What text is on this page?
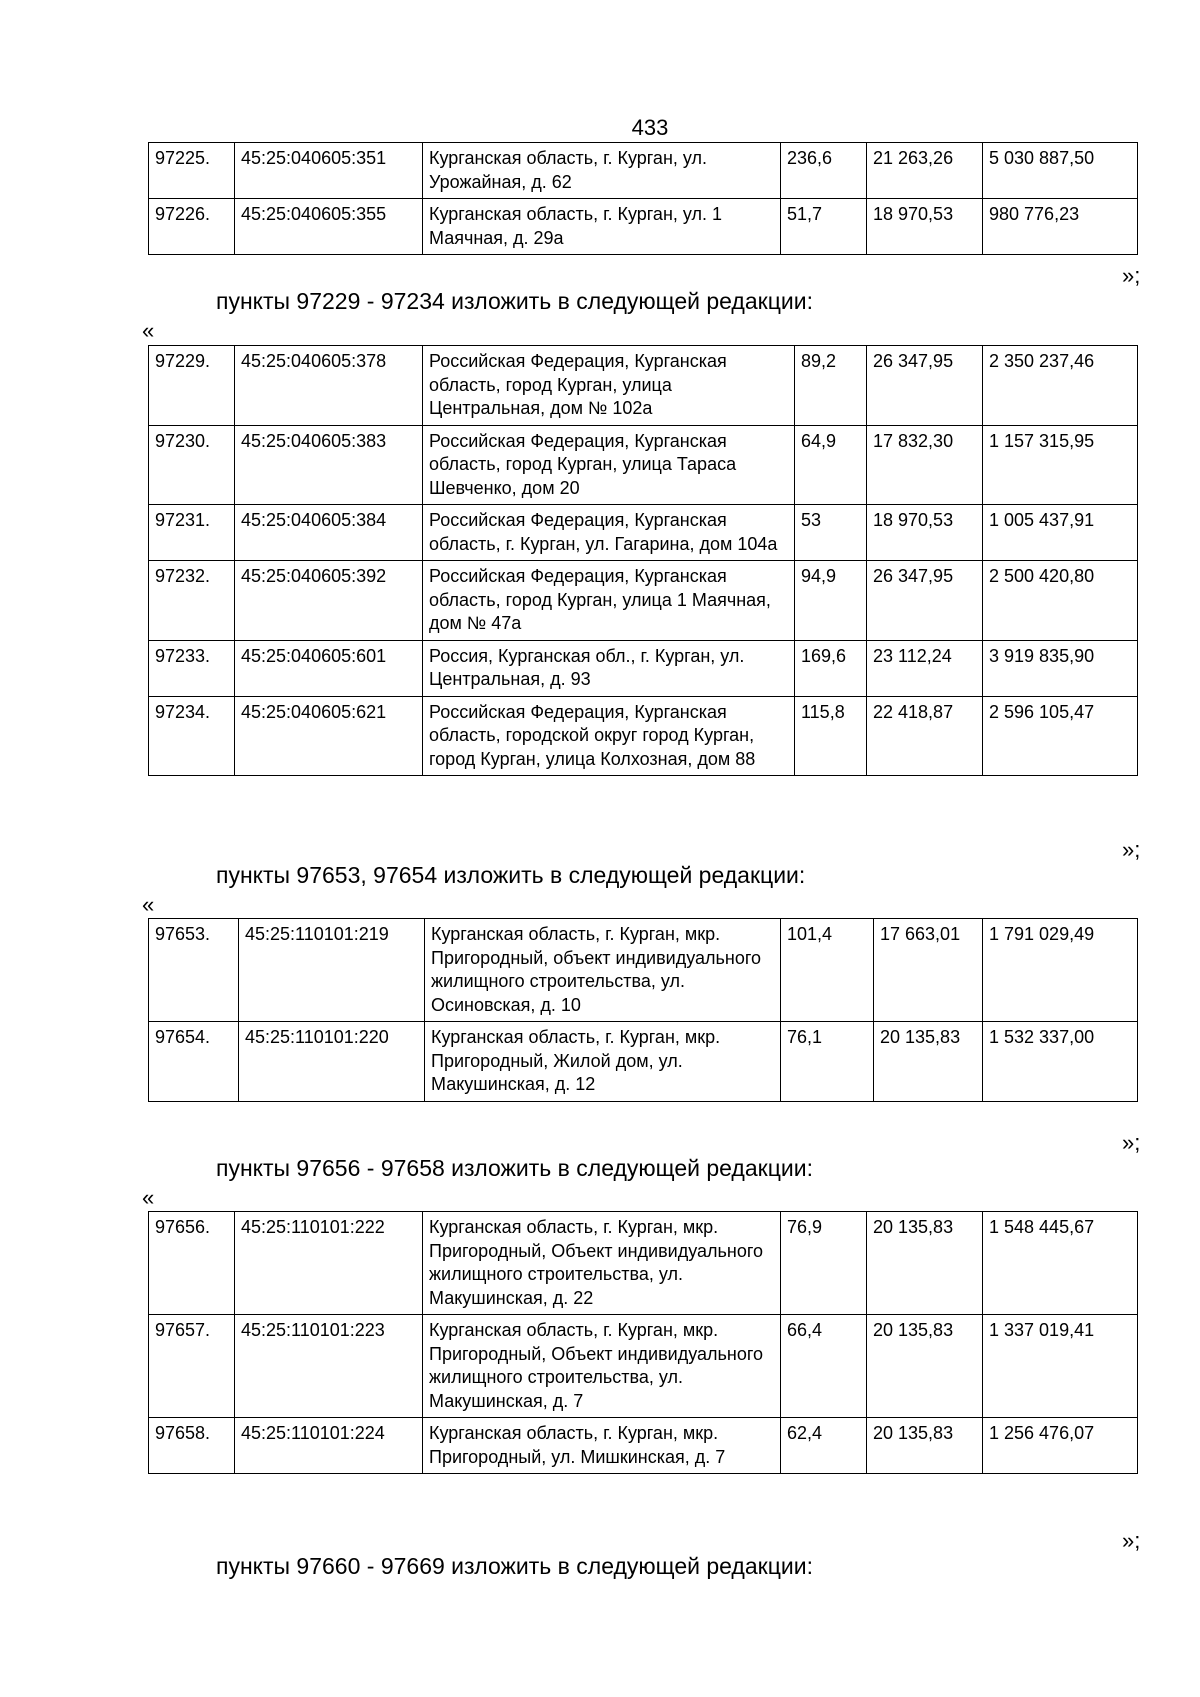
433
97225.	45:25:040605:351	Курганская область, г. Курган, ул. Урожайная, д. 62	236,6	21 263,26	5 030 887,50
97226.	45:25:040605:355	Курганская область, г. Курган, ул. 1 Маячная, д. 29а	51,7	18 970,53	980 776,23
»;
пункты 97229 - 97234 изложить в следующей редакции:
«
97229.	45:25:040605:378	Российская Федерация, Курганская область, город Курган, улица Центральная, дом № 102а	89,2	26 347,95	2 350 237,46
97230.	45:25:040605:383	Российская Федерация, Курганская область, город Курган, улица Тараса Шевченко, дом 20	64,9	17 832,30	1 157 315,95
97231.	45:25:040605:384	Российская Федерация, Курганская область, г. Курган, ул. Гагарина, дом 104а	53	18 970,53	1 005 437,91
97232.	45:25:040605:392	Российская Федерация, Курганская область, город Курган, улица 1 Маячная, дом № 47а	94,9	26 347,95	2 500 420,80
97233.	45:25:040605:601	Россия, Курганская обл., г. Курган, ул. Центральная, д. 93	169,6	23 112,24	3 919 835,90
97234.	45:25:040605:621	Российская Федерация, Курганская область, городской округ город Курган, город Курган, улица Колхозная, дом 88	115,8	22 418,87	2 596 105,47
»;
пункты 97653, 97654 изложить в следующей редакции:
«
97653.	45:25:110101:219	Курганская область, г. Курган, мкр. Пригородный, объект индивидуального жилищного строительства, ул. Осиновская, д. 10	101,4	17 663,01	1 791 029,49
97654.	45:25:110101:220	Курганская область, г. Курган, мкр. Пригородный, Жилой дом, ул. Макушинская, д. 12	76,1	20 135,83	1 532 337,00
»;
пункты 97656 - 97658 изложить в следующей редакции:
«
97656.	45:25:110101:222	Курганская область, г. Курган, мкр. Пригородный, Объект индивидуального жилищного строительства, ул. Макушинская, д. 22	76,9	20 135,83	1 548 445,67
97657.	45:25:110101:223	Курганская область, г. Курган, мкр. Пригородный, Объект индивидуального жилищного строительства, ул. Макушинская, д. 7	66,4	20 135,83	1 337 019,41
97658.	45:25:110101:224	Курганская область, г. Курган, мкр. Пригородный, ул. Мишкинская, д. 7	62,4	20 135,83	1 256 476,07
»;
пункты 97660 - 97669 изложить в следующей редакции:
